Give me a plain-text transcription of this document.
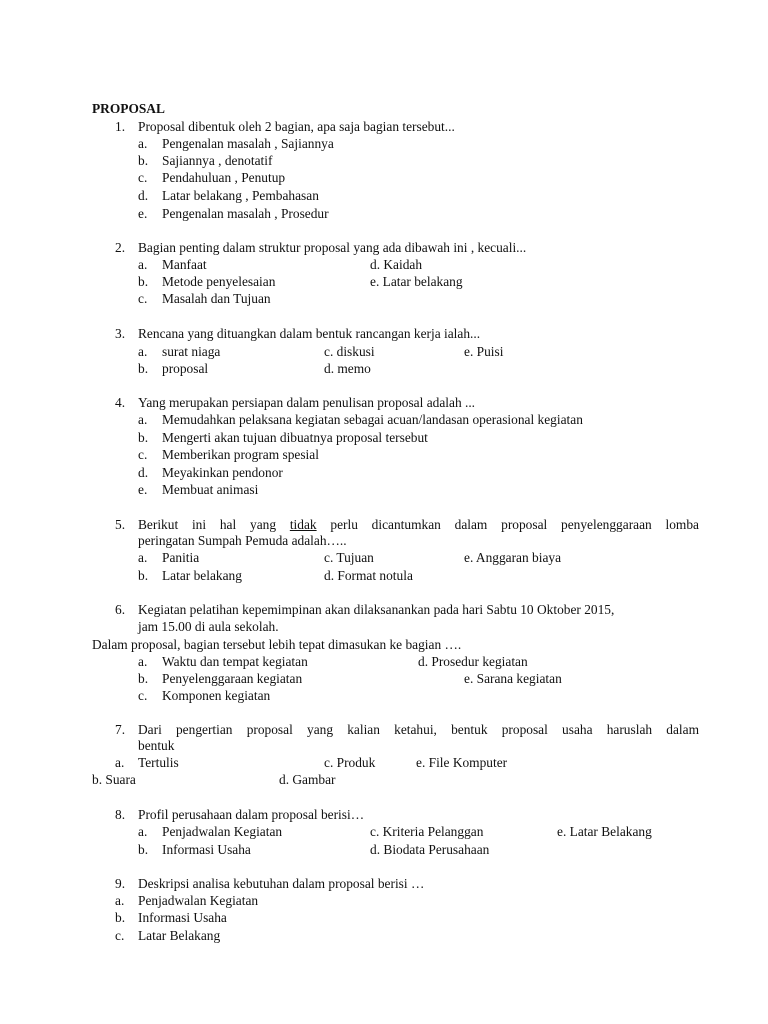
PROPOSAL
1. Proposal dibentuk oleh 2 bagian, apa saja bagian tersebut...
a. Pengenalan masalah , Sajiannya
b. Sajiannya , denotatif
c. Pendahuluan , Penutup
d. Latar belakang , Pembahasan
e. Pengenalan masalah , Prosedur
2. Bagian penting dalam struktur proposal yang ada dibawah ini , kecuali...
a. Manfaat	d. Kaidah
b. Metode penyelesaian	e. Latar belakang
c. Masalah dan Tujuan
3. Rencana yang dituangkan dalam bentuk rancangan kerja ialah...
a. surat niaga	c. diskusi	e. Puisi
b. proposal	d. memo
4. Yang merupakan persiapan dalam penulisan proposal adalah ...
a. Memudahkan pelaksana kegiatan sebagai acuan/landasan operasional kegiatan
b. Mengerti akan tujuan dibuatnya proposal tersebut
c. Memberikan program spesial
d. Meyakinkan pendonor
e. Membuat animasi
5. Berikut ini hal yang tidak perlu dicantumkan dalam proposal penyelenggaraan lomba
peringatan Sumpah Pemuda adalah…..
a. Panitia	c. Tujuan	e. Anggaran biaya
b. Latar belakang	d. Format notula
6. Kegiatan pelatihan kepemimpinan akan dilaksanankan pada hari Sabtu 10 Oktober 2015,
jam 15.00 di aula sekolah.
Dalam proposal, bagian tersebut lebih tepat dimasukan ke bagian ….
a. Waktu dan tempat kegiatan	d. Prosedur kegiatan
b. Penyelenggaraan kegiatan	e. Sarana kegiatan
c. Komponen kegiatan
7. Dari pengertian proposal yang kalian ketahui, bentuk proposal usaha haruslah dalam
bentuk
a. Tertulis	c. Produk	e. File Komputer
b. Suara	d. Gambar
8. Profil perusahaan dalam proposal berisi…
a. Penjadwalan Kegiatan	c. Kriteria Pelanggan	e. Latar Belakang
b. Informasi Usaha	d. Biodata Perusahaan
9. Deskripsi analisa kebutuhan dalam proposal berisi …
a. Penjadwalan Kegiatan
b. Informasi Usaha
c. Latar Belakang
